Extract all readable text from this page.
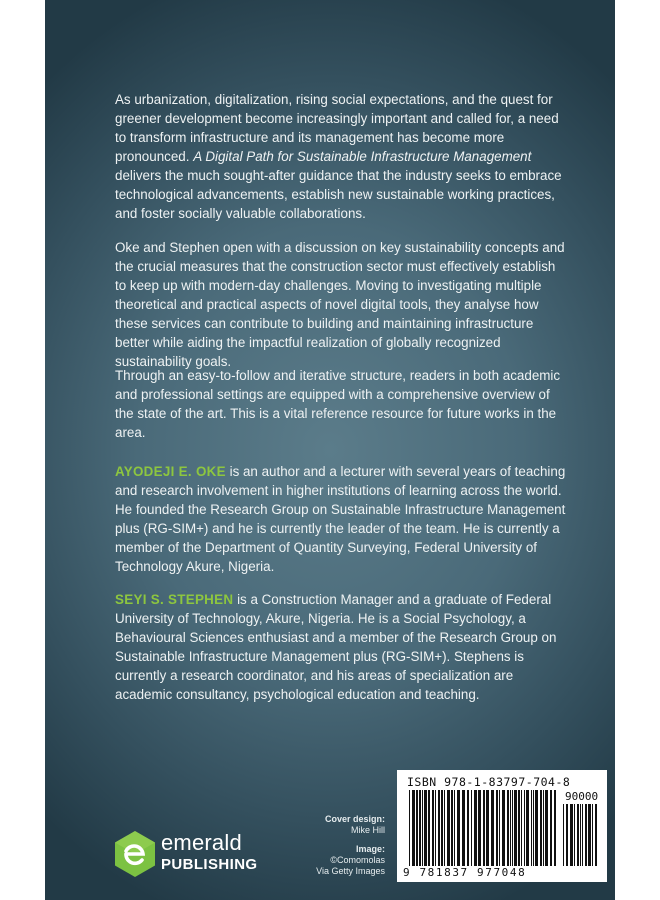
As urbanization, digitalization, rising social expectations, and the quest for greener development become increasingly important and called for, a need to transform infrastructure and its management has become more pronounced. A Digital Path for Sustainable Infrastructure Management delivers the much sought-after guidance that the industry seeks to embrace technological advancements, establish new sustainable working practices, and foster socially valuable collaborations.

Oke and Stephen open with a discussion on key sustainability concepts and the crucial measures that the construction sector must effectively establish to keep up with modern-day challenges. Moving to investigating multiple theoretical and practical aspects of novel digital tools, they analyse how these services can contribute to building and maintaining infrastructure better while aiding the impactful realization of globally recognized sustainability goals.

Through an easy-to-follow and iterative structure, readers in both academic and professional settings are equipped with a comprehensive overview of the state of the art. This is a vital reference resource for future works in the area.

AYODEJI E. OKE is an author and a lecturer with several years of teaching and research involvement in higher institutions of learning across the world. He founded the Research Group on Sustainable Infrastructure Management plus (RG-SIM+) and he is currently the leader of the team. He is currently a member of the Department of Quantity Surveying, Federal University of Technology Akure, Nigeria.

SEYI S. STEPHEN is a Construction Manager and a graduate of Federal University of Technology, Akure, Nigeria. He is a Social Psychology, a Behavioural Sciences enthusiast and a member of the Research Group on Sustainable Infrastructure Management plus (RG-SIM+). Stephens is currently a research coordinator, and his areas of specialization are academic consultancy, psychological education and teaching.

emerald
PUBLISHING
Cover design:
Mike Hill
Image:
©Comomolas
Via Getty Images
ISBN 978-1-83797-704-8
90000
9 781837 977048
